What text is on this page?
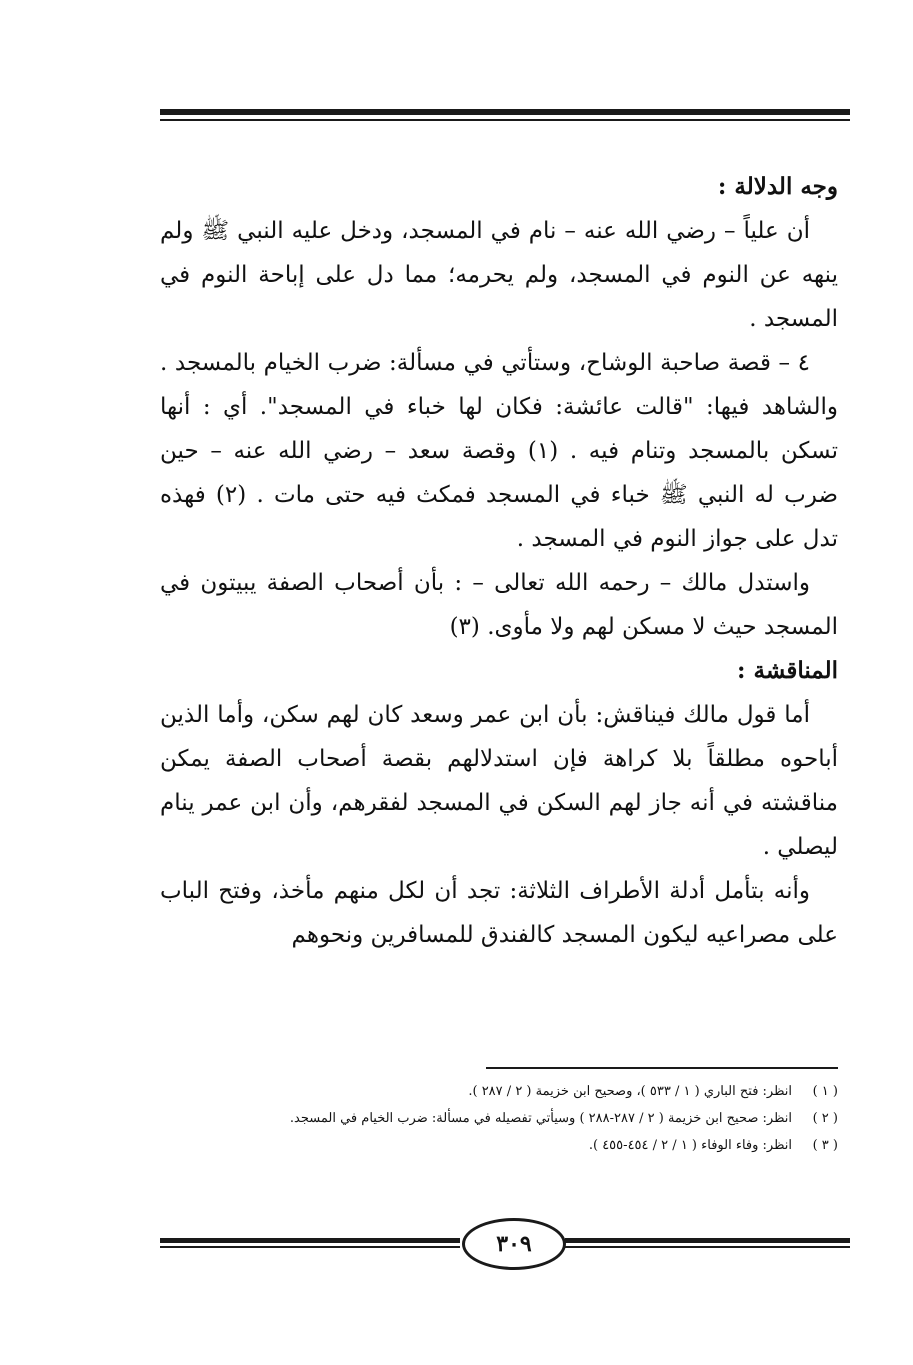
وجه الدلالة :

أن علياً – رضي الله عنه – نام في المسجد، ودخل عليه النبي ﷺ ولم ينهه عن النوم في المسجد، ولم يحرمه؛ مما دل على إباحة النوم في المسجد .

٤ – قصة صاحبة الوشاح، وستأتي في مسألة: ضرب الخيام بالمسجد . والشاهد فيها: "قالت عائشة: فكان لها خباء في المسجد". أي : أنها تسكن بالمسجد وتنام فيه . (١) وقصة سعد – رضي الله عنه – حين ضرب له النبي ﷺ خباء في المسجد فمكث فيه حتى مات . (٢) فهذه تدل على جواز النوم في المسجد .

واستدل مالك – رحمه الله تعالى – : بأن أصحاب الصفة يبيتون في المسجد حيث لا مسكن لهم ولا مأوى. (٣)

المناقشة :

أما قول مالك فيناقش: بأن ابن عمر وسعد كان لهم سكن، وأما الذين أباحوه مطلقاً بلا كراهة فإن استدلالهم بقصة أصحاب الصفة يمكن مناقشته في أنه جاز لهم السكن في المسجد لفقرهم، وأن ابن عمر ينام ليصلي .

وأنه بتأمل أدلة الأطراف الثلاثة: تجد أن لكل منهم مأخذ، وفتح الباب على مصراعيه ليكون المسجد كالفندق للمسافرين ونحوهم

( ١ )
انظر: فتح الباري ( ١ / ٥٣٣ )، وصحيح ابن خزيمة ( ٢ / ٢٨٧ ).
( ٢ )
انظر: صحيح ابن خزيمة ( ٢ / ٢٨٧-٢٨٨ ) وسيأتي تفصيله في مسألة: ضرب الخيام في المسجد.
( ٣ )
انظر: وفاء الوفاء ( ١ / ٢ / ٤٥٤-٤٥٥ ).
٣٠٩
